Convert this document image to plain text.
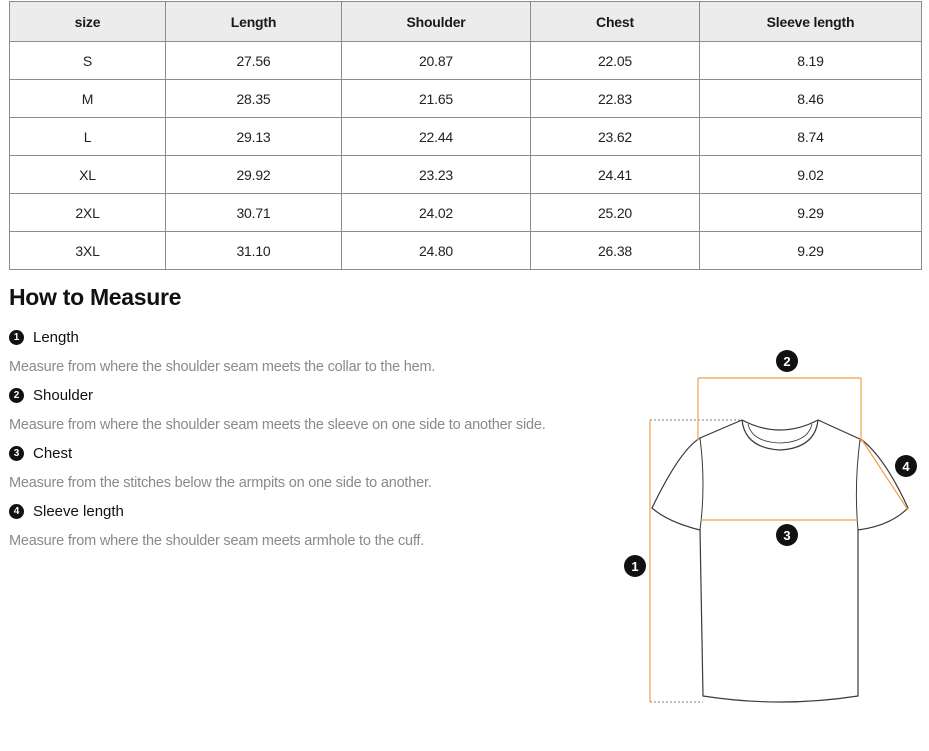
size	Length	Shoulder	Chest	Sleeve length
S	27.56	20.87	22.05	8.19
M	28.35	21.65	22.83	8.46
L	29.13	22.44	23.62	8.74
XL	29.92	23.23	24.41	9.02
2XL	30.71	24.02	25.20	9.29
3XL	31.10	24.80	26.38	9.29
How to Measure
1 Length

Measure from where the shoulder seam meets the collar to the hem.

2 Shoulder

Measure from where the shoulder seam meets the sleeve on one side to another side.

3 Chest

Measure from the stitches below the armpits on one side to another.

4 Sleeve length

Measure from where the shoulder seam meets armhole to the cuff.

1
2
3
4
